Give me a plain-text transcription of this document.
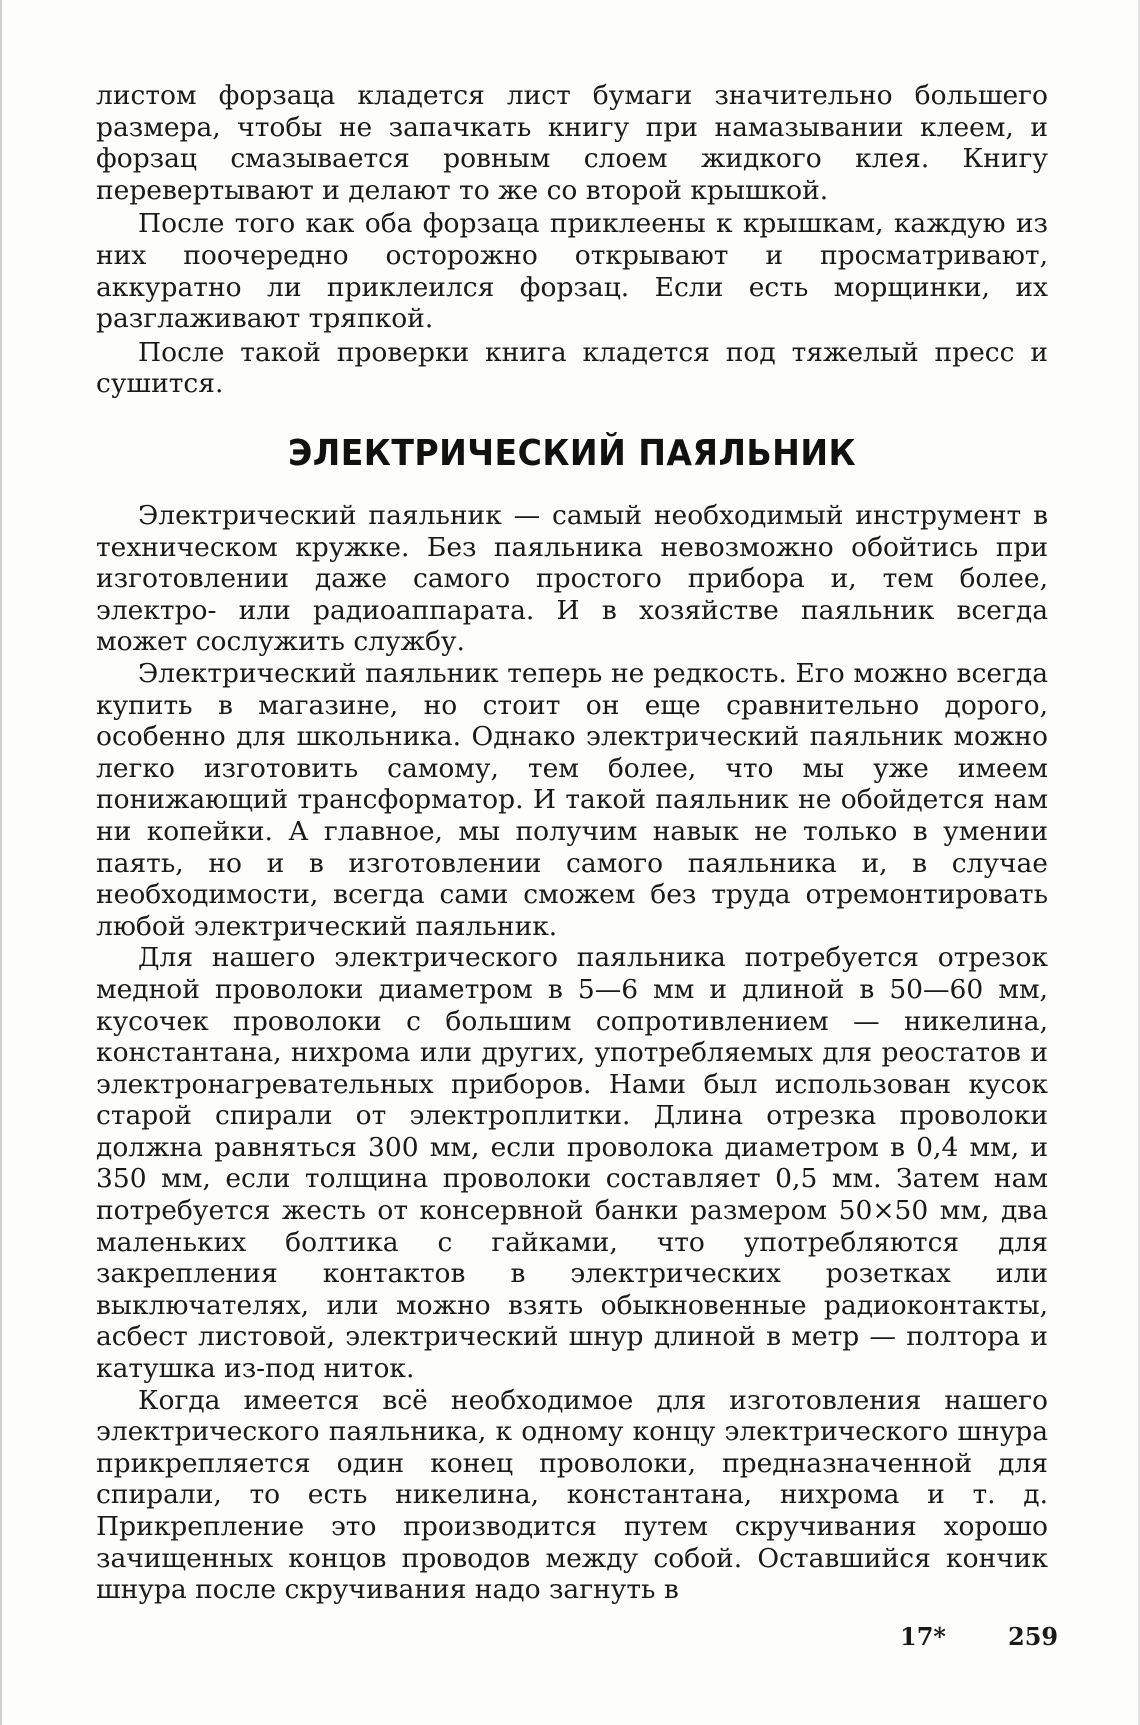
листом форзаца кладется лист бумаги значительно большего размера, чтобы не запачкать книгу при намазывании клеем, и форзац смазывается ровным слоем жидкого клея. Книгу перевертывают и делают то же со второй крышкой.

После того как оба форзаца приклеены к крышкам, каждую из них поочередно осторожно открывают и просматривают, аккуратно ли приклеился форзац. Если есть морщинки, их разглаживают тряпкой.

После такой проверки книга кладется под тяжелый пресс и сушится.

ЭЛЕКТРИЧЕСКИЙ ПАЯЛЬНИК

Электрический паяльник — самый необходимый инструмент в техническом кружке. Без паяльника невозможно обойтись при изготовлении даже самого простого прибора и, тем более, электро- или радиоаппарата. И в хозяйстве паяльник всегда может сослужить службу.

Электрический паяльник теперь не редкость. Его можно всегда купить в магазине, но стоит он еще сравнительно дорого, особенно для школьника. Однако электрический паяльник можно легко изготовить самому, тем более, что мы уже имеем понижающий трансформатор. И такой паяльник не обойдется нам ни копейки. А главное, мы получим навык не только в умении паять, но и в изготовлении самого паяльника и, в случае необходимости, всегда сами сможем без труда отремонтировать любой электрический паяльник.

Для нашего электрического паяльника потребуется отрезок медной проволоки диаметром в 5—6 мм и длиной в 50—60 мм, кусочек проволоки с большим сопротивлением — никелина, константана, нихрома или других, употребляемых для реостатов и электронагревательных приборов. Нами был использован кусок старой спирали от электроплитки. Длина отрезка проволоки должна равняться 300 мм, если проволока диаметром в 0,4 мм, и 350 мм, если толщина проволоки составляет 0,5 мм. Затем нам потребуется жесть от консервной банки размером 50×50 мм, два маленьких болтика с гайками, что употребляются для закрепления контактов в электрических розетках или выключателях, или можно взять обыкновенные радиоконтакты, асбест листовой, электрический шнур длиной в метр — полтора и катушка из-под ниток.

Когда имеется всё необходимое для изготовления нашего электрического паяльника, к одному концу электрического шнура прикрепляется один конец проволоки, предназначенной для спирали, то есть никелина, константана, нихрома и т. д. Прикрепление это производится путем скручивания хорошо зачищенных концов проводов между собой. Оставшийся кончик шнура после скручивания надо загнуть в

17*	259
